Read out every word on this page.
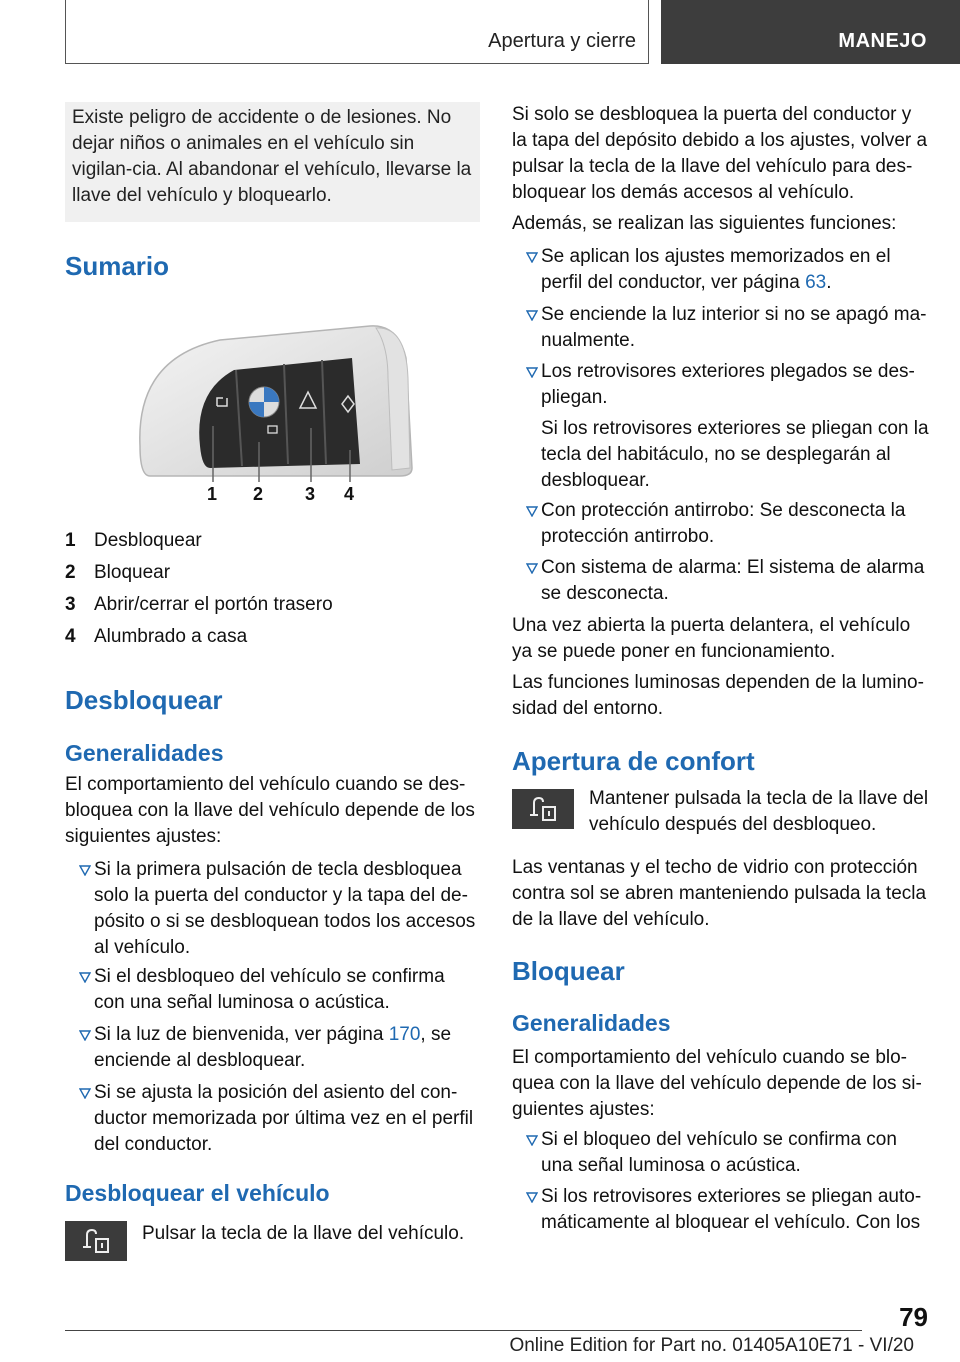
Apertura y cierre	MANEJO

Existe peligro de accidente o de lesiones. No dejar niños o animales en el vehículo sin vigilan-cia. Al abandonar el vehículo, llevarse la llave del vehículo y bloquearlo.

Sumario
1 2 3 4
1 Desbloquear
2 Bloquear
3 Abrir/cerrar el portón trasero
4 Alumbrado a casa
Desbloquear
Generalidades

El comportamiento del vehículo cuando se des-bloquea con la llave del vehículo depende de los siguientes ajustes:

Si la primera pulsación de tecla desbloquea solo la puerta del conductor y la tapa del de-pósito o si se desbloquean todos los accesos al vehículo.

Si el desbloqueo del vehículo se confirma con una señal luminosa o acústica.

Si la luz de bienvenida, ver página 170, se enciende al desbloquear.

Si se ajusta la posición del asiento del con-ductor memorizada por última vez en el perfil del conductor.

Desbloquear el vehículo

Pulsar la tecla de la llave del vehículo.

Si solo se desbloquea la puerta del conductor y la tapa del depósito debido a los ajustes, volver a pulsar la tecla de la llave del vehículo para des-bloquear los demás accesos al vehículo.

Además, se realizan las siguientes funciones:

Se aplican los ajustes memorizados en el perfil del conductor, ver página 63.

Se enciende la luz interior si no se apagó ma-nualmente.

Los retrovisores exteriores plegados se des-pliegan.

Si los retrovisores exteriores se pliegan con la tecla del habitáculo, no se desplegarán al desbloquear.

Con protección antirrobo: Se desconecta la protección antirrobo.

Con sistema de alarma: El sistema de alarma se desconecta.

Una vez abierta la puerta delantera, el vehículo ya se puede poner en funcionamiento.

Las funciones luminosas dependen de la lumino-sidad del entorno.

Apertura de confort

Mantener pulsada la tecla de la llave del vehículo después del desbloqueo.

Las ventanas y el techo de vidrio con protección contra sol se abren manteniendo pulsada la tecla de la llave del vehículo.

Bloquear
Generalidades

El comportamiento del vehículo cuando se blo-quea con la llave del vehículo depende de los si-guientes ajustes:

Si el bloqueo del vehículo se confirma con una señal luminosa o acústica.

Si los retrovisores exteriores se pliegan auto-máticamente al bloquear el vehículo. Con los

79
Online Edition for Part no. 01405A10E71 - VI/20
